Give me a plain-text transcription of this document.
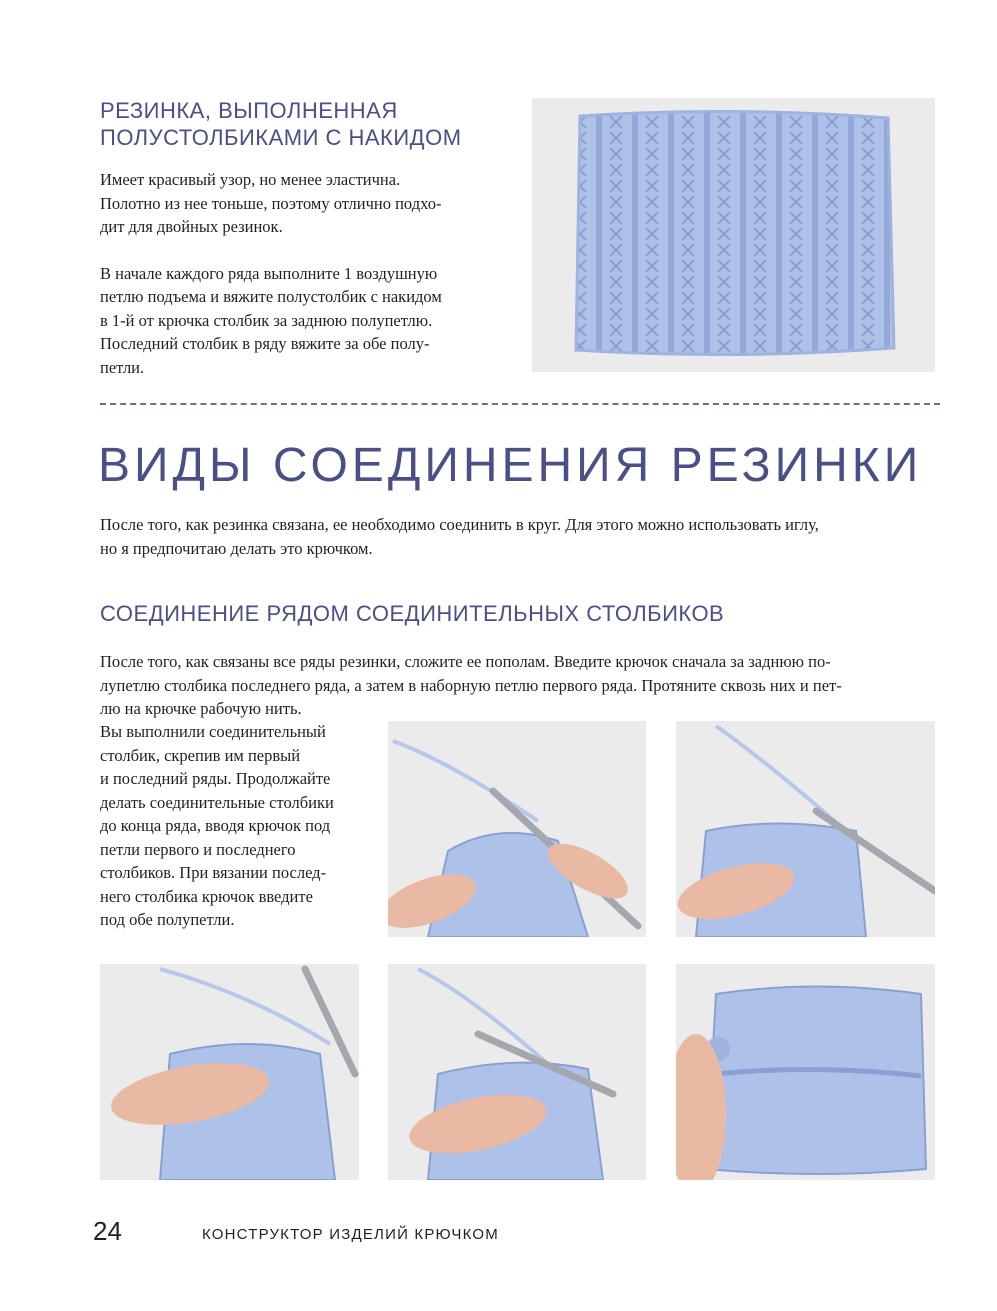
РЕЗИНКА, ВЫПОЛНЕННАЯ
ПОЛУСТОЛБИКАМИ С НАКИДОМ

Имеет красивый узор, но менее эластична.
Полотно из нее тоньше, поэтому отлично подхо-
дит для двойных резинок.

В начале каждого ряда выполните 1 воздушную
петлю подъема и вяжите полустолбик с накидом
в 1-й от крючка столбик за заднюю полупетлю.
Последний столбик в ряду вяжите за обе полу-
петли.

ВИДЫ СОЕДИНЕНИЯ РЕЗИНКИ

После того, как резинка связана, ее необходимо соединить в круг. Для этого можно использовать иглу,
но я предпочитаю делать это крючком.

СОЕДИНЕНИЕ РЯДОМ СОЕДИНИТЕЛЬНЫХ СТОЛБИКОВ

После того, как связаны все ряды резинки, сложите ее пополам. Введите крючок сначала за заднюю по-
лупетлю столбика последнего ряда, а затем в наборную петлю первого ряда. Протяните сквозь них и пет-
лю на крючке рабочую нить.

Вы выполнили соединительный
столбик, скрепив им первый
и последний ряды. Продолжайте
делать соединительные столбики
до конца ряда, вводя крючок под
петли первого и последнего
столбиков. При вязании послед-
него столбика крючок введите
под обе полупетли.

24	КОНСТРУКТОР ИЗДЕЛИЙ КРЮЧКОМ
